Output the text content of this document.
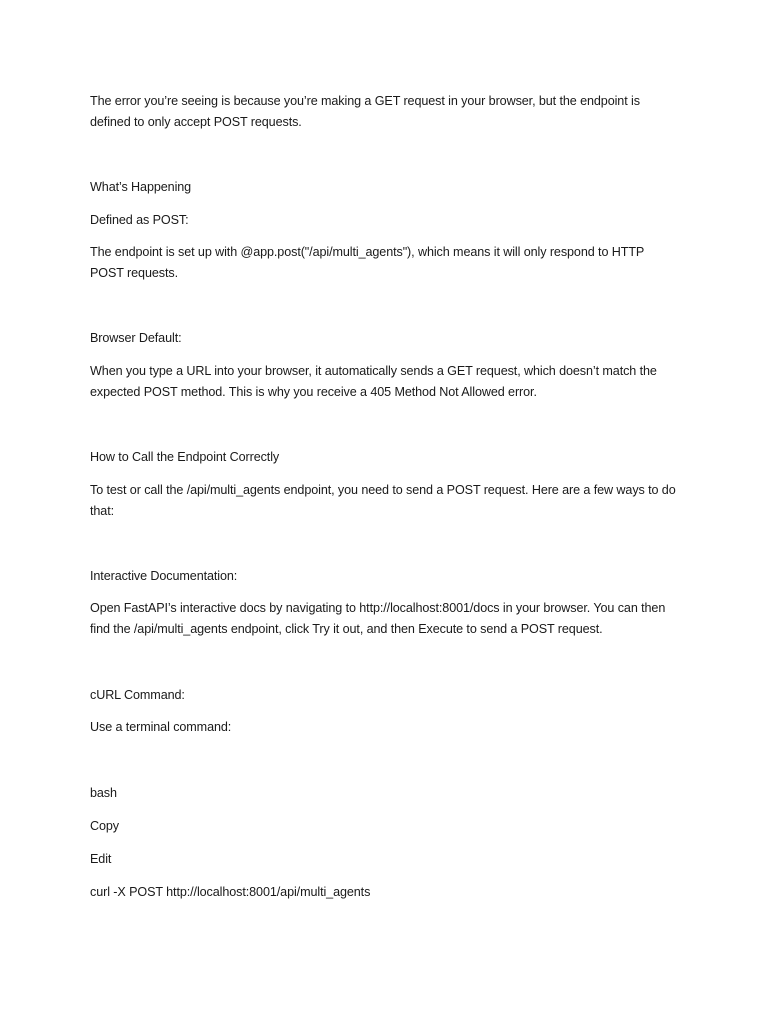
The error you’re seeing is because you’re making a GET request in your browser, but the endpoint is defined to only accept POST requests.

What’s Happening

Defined as POST:

The endpoint is set up with @app.post("/api/multi_agents"), which means it will only respond to HTTP POST requests.

Browser Default:

When you type a URL into your browser, it automatically sends a GET request, which doesn’t match the expected POST method. This is why you receive a 405 Method Not Allowed error.

How to Call the Endpoint Correctly

To test or call the /api/multi_agents endpoint, you need to send a POST request. Here are a few ways to do that:

Interactive Documentation:

Open FastAPI’s interactive docs by navigating to http://localhost:8001/docs in your browser. You can then find the /api/multi_agents endpoint, click Try it out, and then Execute to send a POST request.

cURL Command:

Use a terminal command:

bash

Copy

Edit

curl -X POST http://localhost:8001/api/multi_agents
